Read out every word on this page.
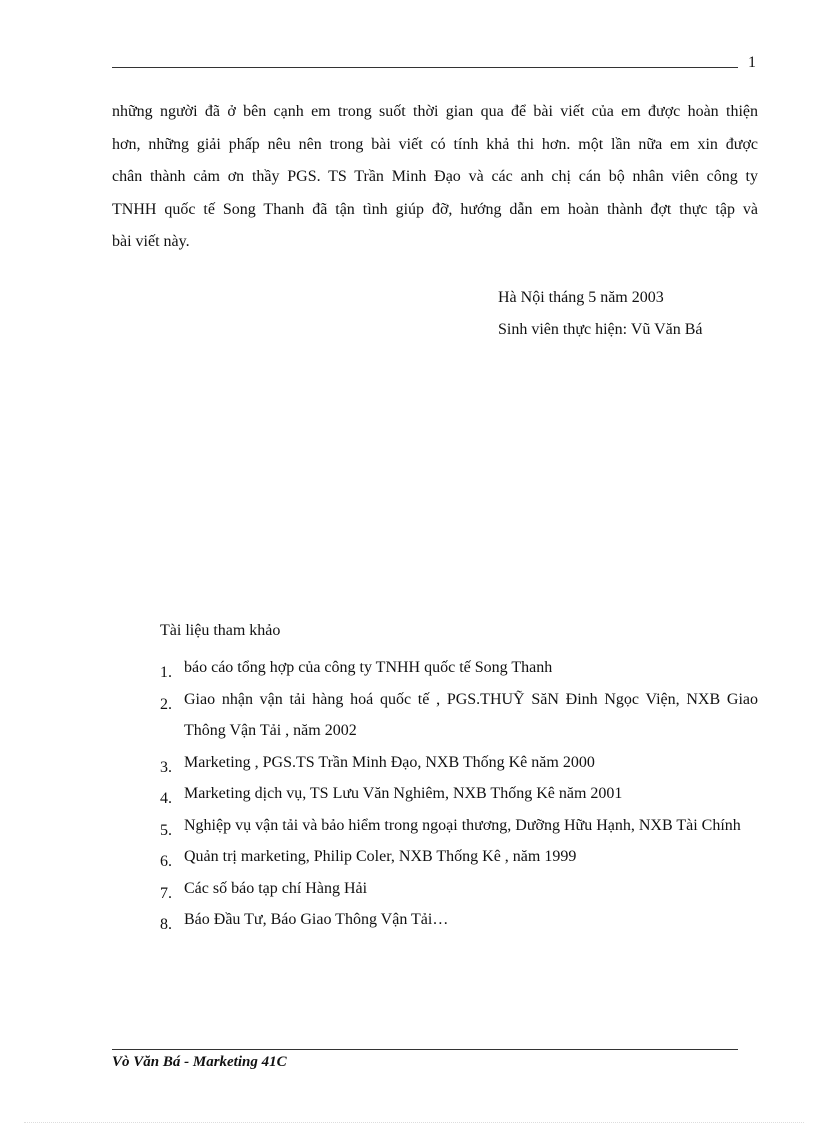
1
những người đã ở bên cạnh em trong suốt thời gian qua để bài viết của em được hoàn thiện
hơn, những giải phấp nêu nên trong bài viết có tính khả thi hơn. một lần nữa em xin được
chân thành cảm ơn thầy PGS. TS Trần Minh Đạo và các anh chị cán bộ nhân viên công ty
TNHH quốc tế Song Thanh đã tận tình giúp đỡ, hướng dẫn em hoàn thành đợt thực tập và
bài viết này.
Hà Nội tháng 5 năm 2003
Sinh viên thực hiện: Vũ Văn Bá
Tài liệu tham khảo
1. báo cáo tổng hợp của công ty TNHH quốc tế Song Thanh
2. Giao nhận vận tải hàng hoá quốc tế , PGS.THUỸ SăN Đinh Ngọc Viện, NXB Giao Thông Vận Tải , năm 2002
3. Marketing , PGS.TS Trần Minh Đạo, NXB Thống Kê năm 2000
4. Marketing dịch vụ, TS Lưu Văn Nghiêm, NXB Thống Kê năm 2001
5. Nghiệp vụ vận tải và bảo hiểm trong ngoại thương, Dưỡng Hữu Hạnh, NXB Tài Chính
6. Quản trị marketing, Philip Coler, NXB Thống Kê , năm 1999
7. Các số báo tạp chí Hàng Hải
8. Báo Đầu Tư, Báo Giao Thông Vận Tải…
Vò Văn Bá - Marketing 41C
